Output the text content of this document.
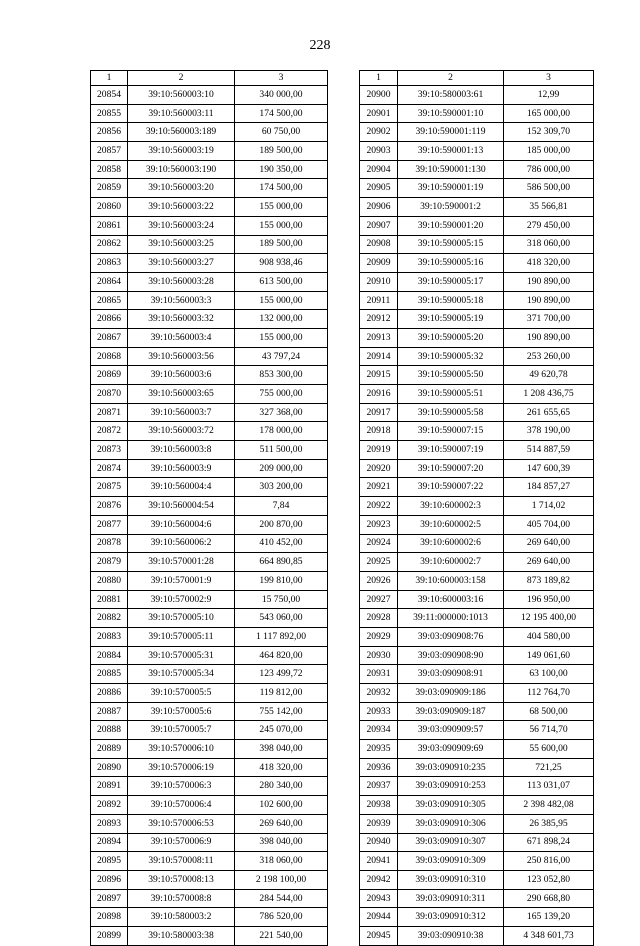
228
1	2	3
20854	39:10:560003:10	340 000,00
20855	39:10:560003:11	174 500,00
20856	39:10:560003:189	60 750,00
20857	39:10:560003:19	189 500,00
20858	39:10:560003:190	190 350,00
20859	39:10:560003:20	174 500,00
20860	39:10:560003:22	155 000,00
20861	39:10:560003:24	155 000,00
20862	39:10:560003:25	189 500,00
20863	39:10:560003:27	908 938,46
20864	39:10:560003:28	613 500,00
20865	39:10:560003:3	155 000,00
20866	39:10:560003:32	132 000,00
20867	39:10:560003:4	155 000,00
20868	39:10:560003:56	43 797,24
20869	39:10:560003:6	853 300,00
20870	39:10:560003:65	755 000,00
20871	39:10:560003:7	327 368,00
20872	39:10:560003:72	178 000,00
20873	39:10:560003:8	511 500,00
20874	39:10:560003:9	209 000,00
20875	39:10:560004:4	303 200,00
20876	39:10:560004:54	7,84
20877	39:10:560004:6	200 870,00
20878	39:10:560006:2	410 452,00
20879	39:10:570001:28	664 890,85
20880	39:10:570001:9	199 810,00
20881	39:10:570002:9	15 750,00
20882	39:10:570005:10	543 060,00
20883	39:10:570005:11	1 117 892,00
20884	39:10:570005:31	464 820,00
20885	39:10:570005:34	123 499,72
20886	39:10:570005:5	119 812,00
20887	39:10:570005:6	755 142,00
20888	39:10:570005:7	245 070,00
20889	39:10:570006:10	398 040,00
20890	39:10:570006:19	418 320,00
20891	39:10:570006:3	280 340,00
20892	39:10:570006:4	102 600,00
20893	39:10:570006:53	269 640,00
20894	39:10:570006:9	398 040,00
20895	39:10:570008:11	318 060,00
20896	39:10:570008:13	2 198 100,00
20897	39:10:570008:8	284 544,00
20898	39:10:580003:2	786 520,00
20899	39:10:580003:38	221 540,00
1	2	3
20900	39:10:580003:61	12,99
20901	39:10:590001:10	165 000,00
20902	39:10:590001:119	152 309,70
20903	39:10:590001:13	185 000,00
20904	39:10:590001:130	786 000,00
20905	39:10:590001:19	586 500,00
20906	39:10:590001:2	35 566,81
20907	39:10:590001:20	279 450,00
20908	39:10:590005:15	318 060,00
20909	39:10:590005:16	418 320,00
20910	39:10:590005:17	190 890,00
20911	39:10:590005:18	190 890,00
20912	39:10:590005:19	371 700,00
20913	39:10:590005:20	190 890,00
20914	39:10:590005:32	253 260,00
20915	39:10:590005:50	49 620,78
20916	39:10:590005:51	1 208 436,75
20917	39:10:590005:58	261 655,65
20918	39:10:590007:15	378 190,00
20919	39:10:590007:19	514 887,59
20920	39:10:590007:20	147 600,39
20921	39:10:590007:22	184 857,27
20922	39:10:600002:3	1 714,02
20923	39:10:600002:5	405 704,00
20924	39:10:600002:6	269 640,00
20925	39:10:600002:7	269 640,00
20926	39:10:600003:158	873 189,82
20927	39:10:600003:16	196 950,00
20928	39:11:000000:1013	12 195 400,00
20929	39:03:090908:76	404 580,00
20930	39:03:090908:90	149 061,60
20931	39:03:090908:91	63 100,00
20932	39:03:090909:186	112 764,70
20933	39:03:090909:187	68 500,00
20934	39:03:090909:57	56 714,70
20935	39:03:090909:69	55 600,00
20936	39:03:090910:235	721,25
20937	39:03:090910:253	113 031,07
20938	39:03:090910:305	2 398 482,08
20939	39:03:090910:306	26 385,95
20940	39:03:090910:307	671 898,24
20941	39:03:090910:309	250 816,00
20942	39:03:090910:310	123 052,80
20943	39:03:090910:311	290 668,80
20944	39:03:090910:312	165 139,20
20945	39:03:090910:38	4 348 601,73
